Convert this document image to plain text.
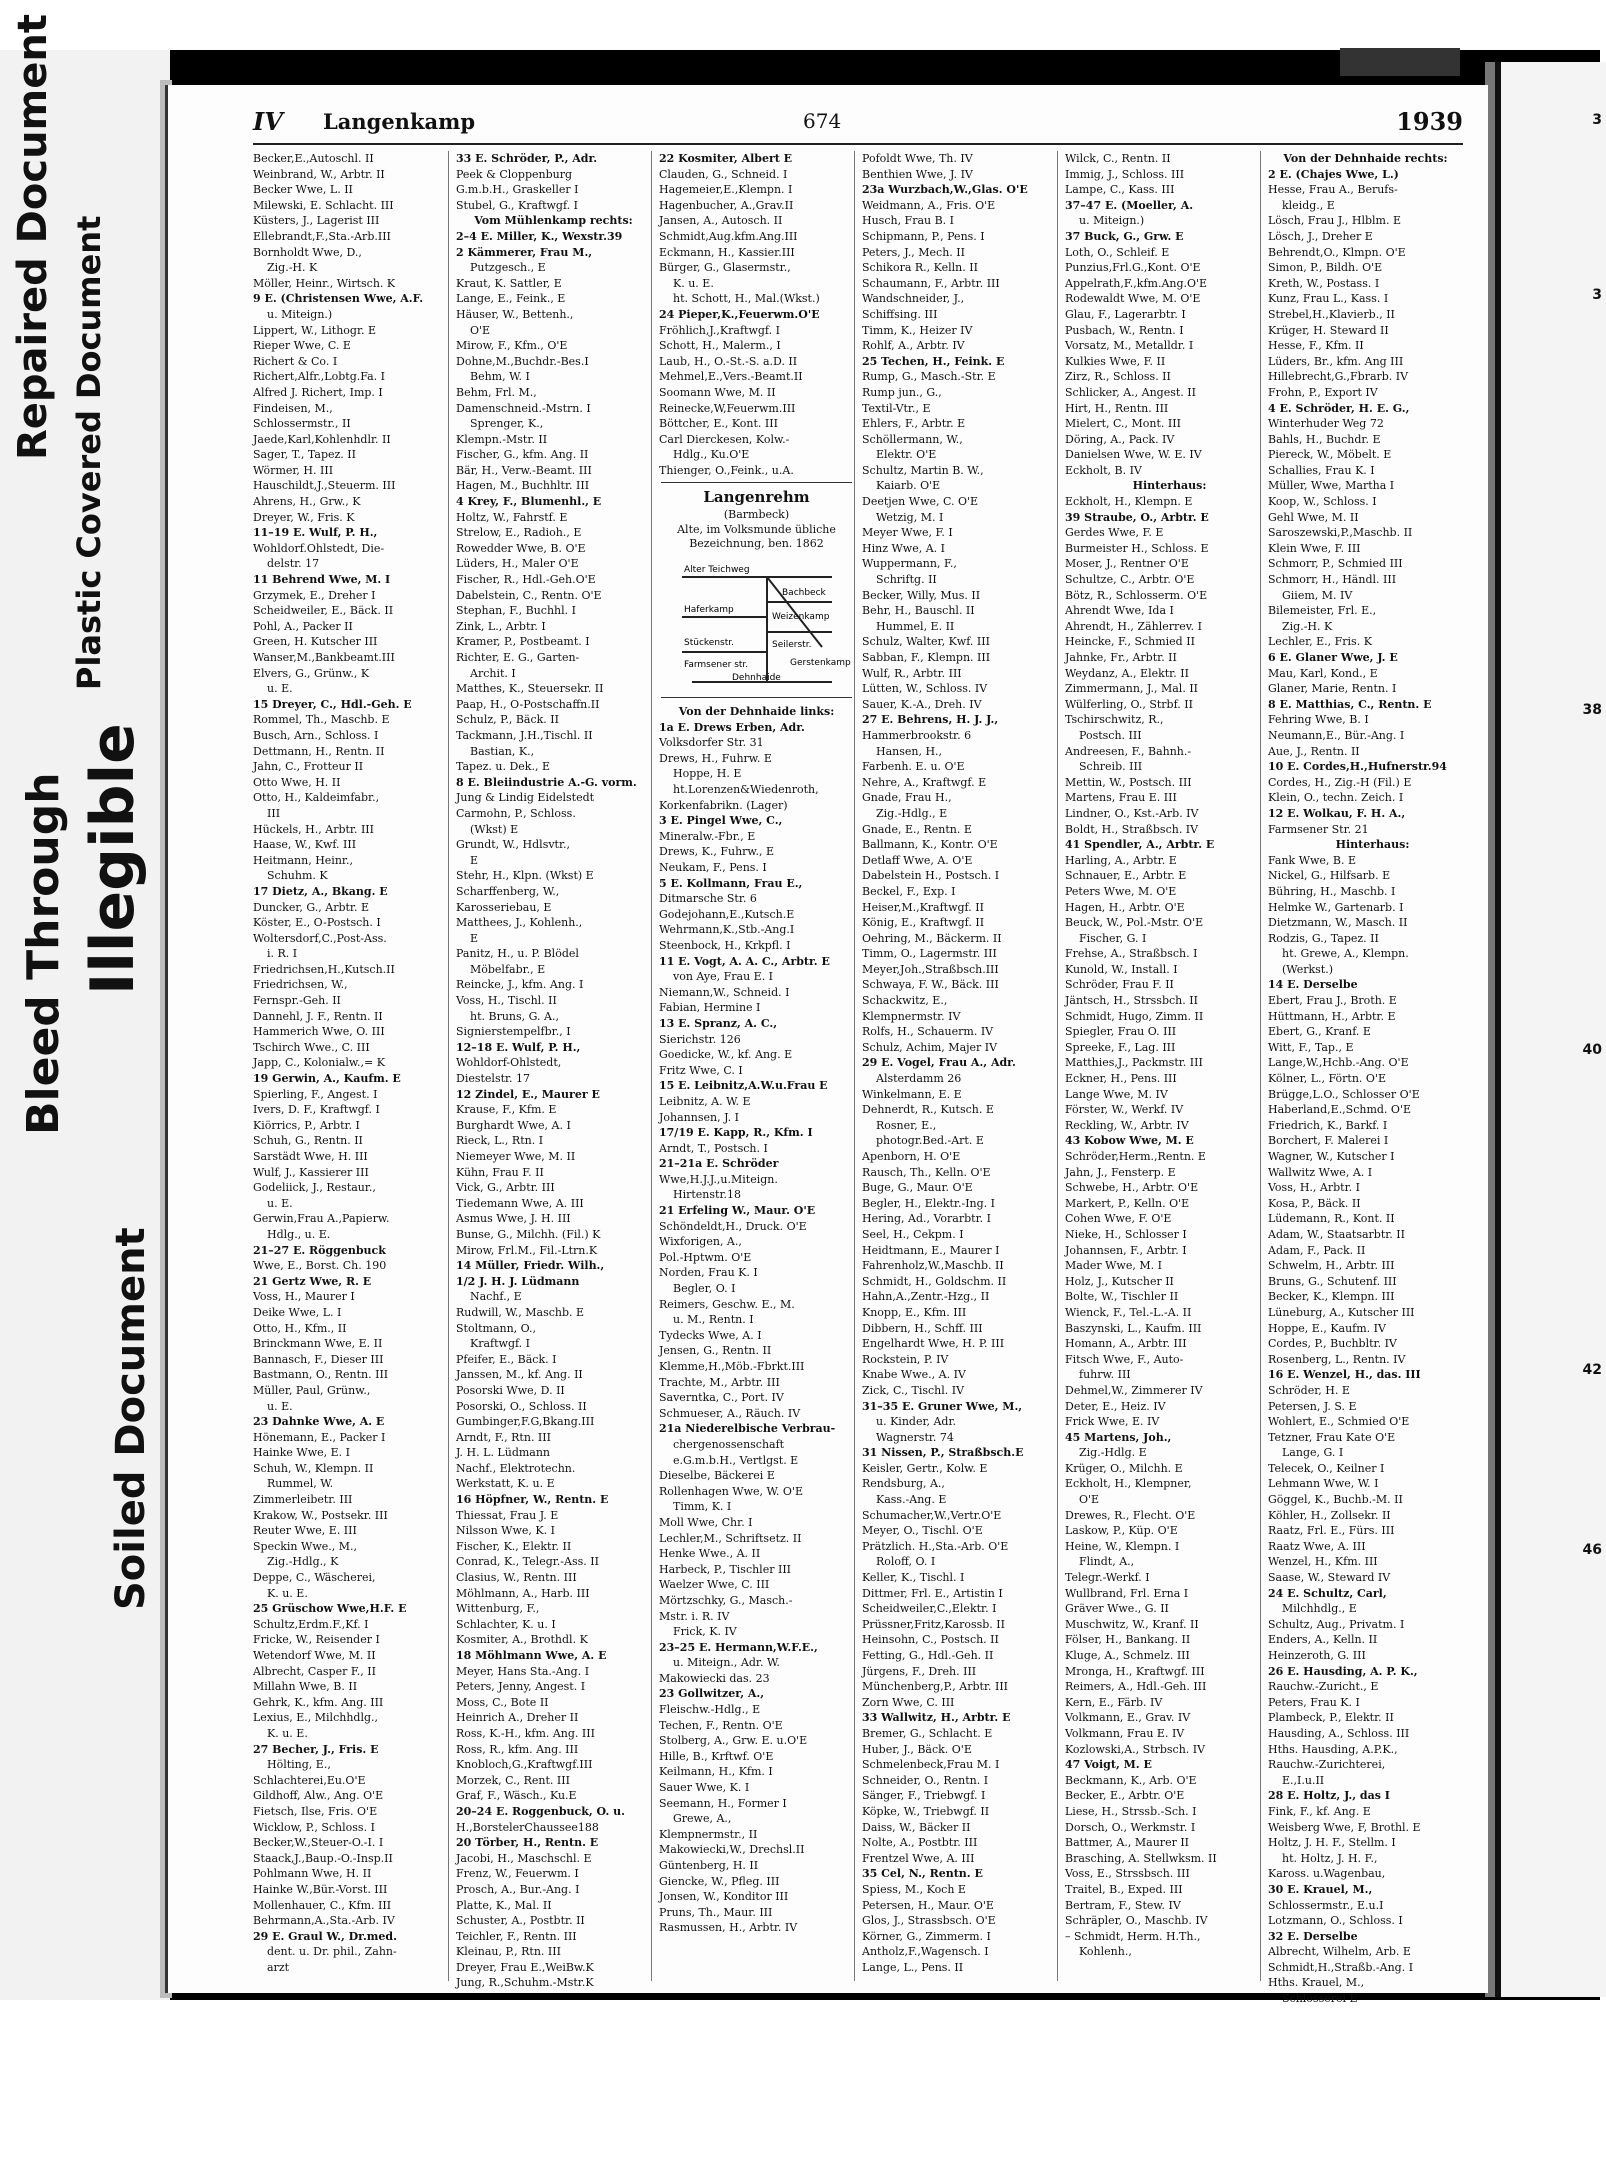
Bleed Through
Repaired Document Plastic Covered Document
Illegible
Soiled Document
3
3
38
40
42
46
IV Langenkamp	674	1939
Becker,E.,Autoschl. II
Weinbrand, W., Arbtr. II
Becker Wwe, L. II
Milewski, E. Schlacht. III
Küsters, J., Lagerist III
Ellebrandt,F.,Sta.-Arb.III
Bornholdt Wwe, D.,
Zig.-H. K
Möller, Heinr., Wirtsch. K
9 E. (Christensen Wwe, A.F.
u. Miteign.)
Lippert, W., Lithogr. E
Rieper Wwe, C. E
Richert & Co. I
Richert,Alfr.,Lobtg.Fa. I
Alfred J. Richert, Imp. I
Findeisen, M.,
Schlossermstr., II
Jaede,Karl,Kohlenhdlr. II
Sager, T., Tapez. II
Wörmer, H. III
Hauschildt,J.,Steuerm. III
Ahrens, H., Grw., K
Dreyer, W., Fris. K
11–19 E. Wulf, P. H.,
Wohldorf.Ohlstedt, Die-
delstr. 17
11 Behrend Wwe, M. I
Grzymek, E., Dreher I
Scheidweiler, E., Bäck. II
Pohl, A., Packer II
Green, H. Kutscher III
Wanser,M.,Bankbeamt.III
Elvers, G., Grünw., K
u. E.
15 Dreyer, C., Hdl.-Geh. E
Rommel, Th., Maschb. E
Busch, Arn., Schloss. I
Dettmann, H., Rentn. II
Jahn, C., Frotteur II
Otto Wwe, H. II
Otto, H., Kaldeimfabr.,
III
Hückels, H., Arbtr. III
Haase, W., Kwf. III
Heitmann, Heinr.,
Schuhm. K
17 Dietz, A., Bkang. E
Duncker, G., Arbtr. E
Köster, E., O-Postsch. I
Woltersdorf,C.,Post-Ass.
i. R. I
Friedrichsen,H.,Kutsch.II
Friedrichsen, W.,
Fernspr.-Geh. II
Dannehl, J. F., Rentn. II
Hammerich Wwe, O. III
Tschirch Wwe., C. III
Japp, C., Kolonialw.,= K
19 Gerwin, A., Kaufm. E
Spierling, F., Angest. I
Ivers, D. F., Kraftwgf. I
Kiörrics, P., Arbtr. I
Schuh, G., Rentn. II
Sarstädt Wwe, H. III
Wulf, J., Kassierer III
Godeliick, J., Restaur.,
u. E.
Gerwin,Frau A.,Papierw.
Hdlg., u. E.
21–27 E. Röggenbuck
Wwe, E., Borst. Ch. 190
21 Gertz Wwe, R. E
Voss, H., Maurer I
Deike Wwe, L. I
Otto, H., Kfm., II
Brinckmann Wwe, E. II
Bannasch, F., Dieser III
Bastmann, O., Rentn. III
Müller, Paul, Grünw.,
u. E.
23 Dahnke Wwe, A. E
Hönemann, E., Packer I
Hainke Wwe, E. I
Schuh, W., Klempn. II
Rummel, W.
Zimmerleibetr. III
Krakow, W., Postsekr. III
Reuter Wwe, E. III
Speckin Wwe., M.,
Zig.-Hdlg., K
Deppe, C., Wäscherei,
K. u. E.
25 Grüschow Wwe,H.F. E
Schultz,Erdm.F.,Kf. I
Fricke, W., Reisender I
Wetendorf Wwe, M. II
Albrecht, Casper F., II
Millahn Wwe, B. II
Gehrk, K., kfm. Ang. III
Lexius, E., Milchhdlg.,
K. u. E.
27 Becher, J., Fris. E
Hölting, E.,
Schlachterei,Eu.O'E
Gildhoff, Alw., Ang. O'E
Fietsch, Ilse, Fris. O'E
Wicklow, P., Schloss. I
Becker,W.,Steuer-O.-I. I
Staack,J.,Baup.-O.-Insp.II
Pohlmann Wwe, H. II
Hainke W.,Bür.-Vorst. III
Mollenhauer, C., Kfm. III
Behrmann,A.,Sta.-Arb. IV
29 E. Graul W., Dr.med.
dent. u. Dr. phil., Zahn-
arzt
33 E. Schröder, P., Adr.
Peek & Cloppenburg
G.m.b.H., Graskeller I
Stubel, G., Kraftwgf. I
Vom Mühlenkamp rechts:
2–4 E. Miller, K., Wexstr.39
2 Kämmerer, Frau M.,
Putzgesch., E
Kraut, K. Sattler, E
Lange, E., Feink., E
Häuser, W., Bettenh.,
O'E
Mirow, F., Kfm., O'E
Dohne,M.,Buchdr.-Bes.I
Behm, W. I
Behm, Frl. M.,
Damenschneid.-Mstrn. I
Sprenger, K.,
Klempn.-Mstr. II
Fischer, G., kfm. Ang. II
Bär, H., Verw.-Beamt. III
Hagen, M., Buchhltr. III
4 Krey, F., Blumenhl., E
Holtz, W., Fahrstf. E
Strelow, E., Radioh., E
Rowedder Wwe, B. O'E
Lüders, H., Maler O'E
Fischer, R., Hdl.-Geh.O'E
Dabelstein, C., Rentn. O'E
Stephan, F., Buchhl. I
Zink, L., Arbtr. I
Kramer, P., Postbeamt. I
Richter, E. G., Garten-
Archit. I
Matthes, K., Steuersekr. II
Paap, H., O-Postschaffn.II
Schulz, P., Bäck. II
Tackmann, J.H.,Tischl. II
Bastian, K.,
Tapez. u. Dek., E
8 E. Bleiindustrie A.-G. vorm.
Jung & Lindig Eidelstedt
Carmohn, P., Schloss.
(Wkst) E
Grundt, W., Hdlsvtr.,
E
Stehr, H., Klpn. (Wkst) E
Scharffenberg, W.,
Karosseriebau, E
Matthees, J., Kohlenh.,
E
Panitz, H., u. P. Blödel
Möbelfabr., E
Reincke, J., kfm. Ang. I
Voss, H., Tischl. II
ht. Bruns, G. A.,
Signierstempelfbr., I
12–18 E. Wulf, P. H.,
Wohldorf-Ohlstedt,
Diestelstr. 17
12 Zindel, E., Maurer E
Krause, F., Kfm. E
Burghardt Wwe, A. I
Rieck, L., Rtn. I
Niemeyer Wwe, M. II
Kühn, Frau F. II
Vick, G., Arbtr. III
Tiedemann Wwe, A. III
Asmus Wwe, J. H. III
Bunse, G., Milchh. (Fil.) K
Mirow, Frl.M., Fil.-Ltrn.K
14 Müller, Friedr. Wilh.,
1/2 J. H. J. Lüdmann
Nachf., E
Rudwill, W., Maschb. E
Stoltmann, O.,
Kraftwgf. I
Pfeifer, E., Bäck. I
Janssen, M., kf. Ang. II
Posorski Wwe, D. II
Posorski, O., Schloss. II
Gumbinger,F.G,Bkang.III
Arndt, F., Rtn. III
J. H. L. Lüdmann
Nachf., Elektrotechn.
Werkstatt, K. u. E
16 Höpfner, W., Rentn. E
Thiessat, Frau J. E
Nilsson Wwe, K. I
Fischer, K., Elektr. II
Conrad, K., Telegr.-Ass. II
Clasius, W., Rentn. III
Möhlmann, A., Harb. III
Wittenburg, F.,
Schlachter, K. u. I
Kosmiter, A., Brothdl. K
18 Möhlmann Wwe, A. E
Meyer, Hans Sta.-Ang. I
Peters, Jenny, Angest. I
Moss, C., Bote II
Heinrich A., Dreher II
Ross, K.-H., kfm. Ang. III
Ross, R., kfm. Ang. III
Knobloch,G.,Kraftwgf.III
Morzek, C., Rent. III
Graf, F., Wäsch., Ku.E
20–24 E. Roggenbuck, O. u.
H.,BorstelerChaussee188
20 Törber, H., Rentn. E
Jacobi, H., Maschschl. E
Frenz, W., Feuerwm. I
Prosch, A., Bur.-Ang. I
Platte, K., Mal. II
Schuster, A., Postbtr. II
Teichler, F., Rentn. III
Kleinau, P., Rtn. III
Dreyer, Frau E.,WeiBw.K
Jung, R.,Schuhm.-Mstr.K
22 Kosmiter, Albert E
Clauden, G., Schneid. I
Hagemeier,E.,Klempn. I
Hagenbucher, A.,Grav.II
Jansen, A., Autosch. II
Schmidt,Aug.kfm.Ang.III
Eckmann, H., Kassier.III
Bürger, G., Glasermstr.,
K. u. E.
ht. Schott, H., Mal.(Wkst.)
24 Pieper,K.,Feuerwm.O'E
Fröhlich,J.,Kraftwgf. I
Schott, H., Malerm., I
Laub, H., O.-St.-S. a.D. II
Mehmel,E.,Vers.-Beamt.II
Soomann Wwe, M. II
Reinecke,W,Feuerwm.III
Böttcher, E., Kont. III
Carl Dierckesen, Kolw.-
Hdlg., Ku.O'E
Thienger, O.,Feink., u.A.
Langenrehm
(Barmbeck)
Alte, im Volksmunde übliche Bezeichnung, ben. 1862
Alter Teichweg
Bachbeck
Haferkamp
Weizenkamp
Seilerstr.
Stückenstr.
Farmsener str.	Gerstenkamp
Dehnhaide
Von der Dehnhaide links:
1a E. Drews Erben, Adr.
Volksdorfer Str. 31
Drews, H., Fuhrw. E
Hoppe, H. E
ht.Lorenzen&Wiedenroth,
Korkenfabrikn. (Lager)
3 E. Pingel Wwe, C.,
Mineralw.-Fbr., E
Drews, K., Fuhrw., E
Neukam, F., Pens. I
5 E. Kollmann, Frau E.,
Ditmarsche Str. 6
Godejohann,E.,Kutsch.E
Wehrmann,K.,Stb.-Ang.I
Steenbock, H., Krkpfl. I
11 E. Vogt, A. A. C., Arbtr. E
von Aye, Frau E. I
Niemann,W., Schneid. I
Fabian, Hermine I
13 E. Spranz, A. C.,
Sierichstr. 126
Goedicke, W., kf. Ang. E
Fritz Wwe, C. I
15 E. Leibnitz,A.W.u.Frau E
Leibnitz, A. W. E
Johannsen, J. I
17/19 E. Kapp, R., Kfm. I
Arndt, T., Postsch. I
21–21a E. Schröder
Wwe,H.J.J.,u.Miteign.
Hirtenstr.18
21 Erfeling W., Maur. O'E
Schöndeldt,H., Druck. O'E
Wixforigen, A.,
Pol.-Hptwm. O'E
Norden, Frau K. I
Begler, O. I
Reimers, Geschw. E., M.
u. M., Rentn. I
Tydecks Wwe, A. I
Jensen, G., Rentn. II
Klemme,H.,Möb.-Fbrkt.III
Trachte, M., Arbtr. III
Saverntka, C., Port. IV
Schmueser, A., Räuch. IV
21a Niederelbische Verbrau-
chergenossenschaft
e.G.m.b.H., Vertlgst. E
Dieselbe, Bäckerei E
Rollenhagen Wwe, W. O'E
Timm, K. I
Moll Wwe, Chr. I
Lechler,M., Schriftsetz. II
Henke Wwe., A. II
Harbeck, P., Tischler III
Waelzer Wwe, C. III
Mörtzschky, G., Masch.-
Mstr. i. R. IV
Frick, K. IV
23–25 E. Hermann,W.F.E.,
u. Miteign., Adr. W.
Makowiecki das. 23
23 Gollwitzer, A.,
Fleischw.-Hdlg., E
Techen, F., Rentn. O'E
Stolberg, A., Grw. E. u.O'E
Hille, B., Krftwf. O'E
Keilmann, H., Kfm. I
Sauer Wwe, K. I
Seemann, H., Former I
Grewe, A.,
Klempnermstr., II
Makowiecki,W., Drechsl.II
Güntenberg, H. II
Giencke, W., Pfleg. III
Jonsen, W., Konditor III
Pruns, Th., Maur. III
Rasmussen, H., Arbtr. IV
Pofoldt Wwe, Th. IV
Benthien Wwe, J. IV
23a Wurzbach,W.,Glas. O'E
Weidmann, A., Fris. O'E
Husch, Frau B. I
Schipmann, P., Pens. I
Peters, J., Mech. II
Schikora R., Kelln. II
Schaumann, F., Arbtr. III
Wandschneider, J.,
Schiffsing. III
Timm, K., Heizer IV
Rohlf, A., Arbtr. IV
25 Techen, H., Feink. E
Rump, G., Masch.-Str. E
Rump jun., G.,
Textil-Vtr., E
Ehlers, F., Arbtr. E
Schöllermann, W.,
Elektr. O'E
Schultz, Martin B. W.,
Kaiarb. O'E
Deetjen Wwe, C. O'E
Wetzig, M. I
Meyer Wwe, F. I
Hinz Wwe, A. I
Wuppermann, F.,
Schriftg. II
Becker, Willy, Mus. II
Behr, H., Bauschl. II
Hummel, E. II
Schulz, Walter, Kwf. III
Sabban, F., Klempn. III
Wulf, R., Arbtr. III
Lütten, W., Schloss. IV
Sauer, K.-A., Dreh. IV
27 E. Behrens, H. J. J.,
Hammerbrookstr. 6
Hansen, H.,
Farbenh. E. u. O'E
Nehre, A., Kraftwgf. E
Gnade, Frau H.,
Zig.-Hdlg., E
Gnade, E., Rentn. E
Ballmann, K., Kontr. O'E
Detlaff Wwe, A. O'E
Dabelstein H., Postsch. I
Beckel, F., Exp. I
Heiser,M.,Kraftwgf. II
König, E., Kraftwgf. II
Oehring, M., Bäckerm. II
Timm, O., Lagermstr. III
Meyer,Joh.,Straßbsch.III
Schwaya, F. W., Bäck. III
Schackwitz, E.,
Klempnermstr. IV
Rolfs, H., Schauerm. IV
Schulz, Achim, Majer IV
29 E. Vogel, Frau A., Adr.
Alsterdamm 26
Winkelmann, E. E
Dehnerdt, R., Kutsch. E
Rosner, E.,
photogr.Bed.-Art. E
Apenborn, H. O'E
Rausch, Th., Kelln. O'E
Buge, G., Maur. O'E
Begler, H., Elektr.-Ing. I
Hering, Ad., Vorarbtr. I
Seel, H., Cekpm. I
Heidtmann, E., Maurer I
Fahrenholz,W.,Maschb. II
Schmidt, H., Goldschm. II
Hahn,A.,Zentr.-Hzg., II
Knopp, E., Kfm. III
Dibbern, H., Schff. III
Engelhardt Wwe, H. P. III
Rockstein, P. IV
Knabe Wwe., A. IV
Zick, C., Tischl. IV
31–35 E. Gruner Wwe, M.,
u. Kinder, Adr.
Wagnerstr. 74
31 Nissen, P., Straßbsch.E
Keisler, Gertr., Kolw. E
Rendsburg, A.,
Kass.-Ang. E
Schumacher,W.,Vertr.O'E
Meyer, O., Tischl. O'E
Prätzlich. H.,Sta.-Arb. O'E
Roloff, O. I
Keller, K., Tischl. I
Dittmer, Frl. E., Artistin I
Scheidweiler,C.,Elektr. I
Prüssner,Fritz,Karossb. II
Heinsohn, C., Postsch. II
Fetting, G., Hdl.-Geh. II
Jürgens, F., Dreh. III
Münchenberg,P., Arbtr. III
Zorn Wwe, C. III
33 Wallwitz, H., Arbtr. E
Bremer, G., Schlacht. E
Huber, J., Bäck. O'E
Schmelenbeck,Frau M. I
Schneider, O., Rentn. I
Sänger, F., Triebwgf. I
Köpke, W., Triebwgf. II
Daiss, W., Bäcker II
Nolte, A., Postbtr. III
Frentzel Wwe, A. III
35 Cel, N., Rentn. E
Spiess, M., Koch E
Petersen, H., Maur. O'E
Glos, J., Strassbsch. O'E
Körner, G., Zimmerm. I
Antholz,F.,Wagensch. I
Lange, L., Pens. II
Wilck, C., Rentn. II
Immig, J., Schloss. III
Lampe, C., Kass. III
37–47 E. (Moeller, A.
u. Miteign.)
37 Buck, G., Grw. E
Loth, O., Schleif. E
Punzius,Frl.G.,Kont. O'E
Appelrath,F.,kfm.Ang.O'E
Rodewaldt Wwe, M. O'E
Glau, F., Lagerarbtr. I
Pusbach, W., Rentn. I
Vorsatz, M., Metalldr. I
Kulkies Wwe, F. II
Zirz, R., Schloss. II
Schlicker, A., Angest. II
Hirt, H., Rentn. III
Mielert, C., Mont. III
Döring, A., Pack. IV
Danielsen Wwe, W. E. IV
Eckholt, B. IV
Hinterhaus:
Eckholt, H., Klempn. E
39 Straube, O., Arbtr. E
Gerdes Wwe, F. E
Burmeister H., Schloss. E
Moser, J., Rentner O'E
Schultze, C., Arbtr. O'E
Bötz, R., Schlosserm. O'E
Ahrendt Wwe, Ida I
Ahrendt, H., Zählerrev. I
Heincke, F., Schmied II
Jahnke, Fr., Arbtr. II
Weydanz, A., Elektr. II
Zimmermann, J., Mal. II
Wülferling, O., Strbf. II
Tschirschwitz, R.,
Postsch. III
Andreesen, F., Bahnh.-
Schreib. III
Mettin, W., Postsch. III
Martens, Frau E. III
Lindner, O., Kst.-Arb. IV
Boldt, H., Straßbsch. IV
41 Spendler, A., Arbtr. E
Harling, A., Arbtr. E
Schnauer, E., Arbtr. E
Peters Wwe, M. O'E
Hagen, H., Arbtr. O'E
Beuck, W., Pol.-Mstr. O'E
Fischer, G. I
Frehse, A., Straßbsch. I
Kunold, W., Install. I
Schröder, Frau F. II
Jäntsch, H., Strssbch. II
Schmidt, Hugo, Zimm. II
Spiegler, Frau O. III
Spreeke, F., Lag. III
Matthies,J., Packmstr. III
Eckner, H., Pens. III
Lange Wwe, M. IV
Förster, W., Werkf. IV
Reckling, W., Arbtr. IV
43 Kobow Wwe, M. E
Schröder,Herm.,Rentn. E
Jahn, J., Fensterp. E
Schwebe, H., Arbtr. O'E
Markert, P., Kelln. O'E
Cohen Wwe, F. O'E
Nieke, H., Schlosser I
Johannsen, F., Arbtr. I
Mader Wwe, M. I
Holz, J., Kutscher II
Bolte, W., Tischler II
Wienck, F., Tel.-L.-A. II
Baszynski, L., Kaufm. III
Homann, A., Arbtr. III
Fitsch Wwe, F., Auto-
fuhrw. III
Dehmel,W., Zimmerer IV
Deter, E., Heiz. IV
Frick Wwe, E. IV
45 Martens, Joh.,
Zig.-Hdlg. E
Krüger, O., Milchh. E
Eckholt, H., Klempner,
O'E
Drewes, R., Flecht. O'E
Laskow, P., Küp. O'E
Heine, W., Klempn. I
Flindt, A.,
Telegr.-Werkf. I
Wullbrand, Frl. Erna I
Gräver Wwe., G. II
Muschwitz, W., Kranf. II
Fölser, H., Bankang. II
Kluge, A., Schmelz. III
Mronga, H., Kraftwgf. III
Reimers, A., Hdl.-Geh. III
Kern, E., Färb. IV
Volkmann, E., Grav. IV
Volkmann, Frau E. IV
Kozlowski,A., Strbsch. IV
47 Voigt, M. E
Beckmann, K., Arb. O'E
Becker, E., Arbtr. O'E
Liese, H., Strssb.-Sch. I
Dorsch, O., Werkmstr. I
Battmer, A., Maurer II
Brasching, A. Stellwksm. II
Voss, E., Strssbsch. III
Traitel, B., Exped. III
Bertram, F., Stew. IV
Schräpler, O., Maschb. IV
– Schmidt, Herm. H.Th.,
Kohlenh.,
Von der Dehnhaide rechts:
2 E. (Chajes Wwe, L.)
Hesse, Frau A., Berufs-
kleidg., E
Lösch, Frau J., Hlblm. E
Lösch, J., Dreher E
Behrendt,O., Klmpn. O'E
Simon, P., Bildh. O'E
Kreth, W., Postass. I
Kunz, Frau L., Kass. I
Strebel,H.,Klavierb., II
Krüger, H. Steward II
Hesse, F., Kfm. II
Lüders, Br., kfm. Ang III
Hillebrecht,G.,Fbrarb. IV
Frohn, P., Export IV
4 E. Schröder, H. E. G.,
Winterhuder Weg 72
Bahls, H., Buchdr. E
Piereck, W., Möbelt. E
Schallies, Frau K. I
Müller, Wwe, Martha I
Koop, W., Schloss. I
Gehl Wwe, M. II
Saroszewski,P.,Maschb. II
Klein Wwe, F. III
Schmorr, P., Schmied III
Schmorr, H., Händl. III
Giiem, M. IV
Bilemeister, Frl. E.,
Zig.-H. K
Lechler, E., Fris. K
6 E. Glaner Wwe, J. E
Mau, Karl, Kond., E
Glaner, Marie, Rentn. I
8 E. Matthias, C., Rentn. E
Fehring Wwe, B. I
Neumann,E., Bür.-Ang. I
Aue, J., Rentn. II
10 E. Cordes,H.,Hufnerstr.94
Cordes, H., Zig.-H (Fil.) E
Klein, O., techn. Zeich. I
12 E. Wolkau, F. H. A.,
Farmsener Str. 21
Hinterhaus:
Fank Wwe, B. E
Nickel, G., Hilfsarb. E
Bühring, H., Maschb. I
Helmke W., Gartenarb. I
Dietzmann, W., Masch. II
Rodzis, G., Tapez. II
ht. Grewe, A., Klempn.
(Werkst.)
14 E. Derselbe
Ebert, Frau J., Broth. E
Hüttmann, H., Arbtr. E
Ebert, G., Kranf. E
Witt, F., Tap., E
Lange,W.,Hchb.-Ang. O'E
Kölner, L., Förtn. O'E
Brügge,L.O., Schlosser O'E
Haberland,E.,Schmd. O'E
Friedrich, K., Barkf. I
Borchert, F. Malerei I
Wagner, W., Kutscher I
Wallwitz Wwe, A. I
Voss, H., Arbtr. I
Kosa, P., Bäck. II
Lüdemann, R., Kont. II
Adam, W., Staatsarbtr. II
Adam, F., Pack. II
Schwelm, H., Arbtr. III
Bruns, G., Schutenf. III
Becker, K., Klempn. III
Lüneburg, A., Kutscher III
Hoppe, E., Kaufm. IV
Cordes, P., Buchbltr. IV
Rosenberg, L., Rentn. IV
16 E. Wenzel, H., das. III
Schröder, H. E
Petersen, J. S. E
Wohlert, E., Schmied O'E
Tetzner, Frau Kate O'E
Lange, G. I
Telecek, O., Keilner I
Lehmann Wwe, W. I
Göggel, K., Buchb.-M. II
Köhler, H., Zollsekr. II
Raatz, Frl. E., Fürs. III
Raatz Wwe, A. III
Wenzel, H., Kfm. III
Saase, W., Steward IV
24 E. Schultz, Carl,
Milchhdlg., E
Schultz, Aug., Privatm. I
Enders, A., Kelln. II
Heinzeroth, G. III
26 E. Hausding, A. P. K.,
Rauchw.-Zuricht., E
Peters, Frau K. I
Plambeck, P., Elektr. II
Hausding, A., Schloss. III
Hths. Hausding, A.P.K.,
Rauchw.-Zurichterei,
E.,I.u.II
28 E. Holtz, J., das I
Fink, F., kf. Ang. E
Weisberg Wwe, F, Brothl. E
Holtz, J. H. F., Stellm. I
ht. Holtz, J. H. F.,
Kaross. u.Wagenbau,
30 E. Krauel, M.,
Schlossermstr., E.u.I
Lotzmann, O., Schloss. I
32 E. Derselbe
Albrecht, Wilhelm, Arb. E
Schmidt,H.,Straßb.-Ang. I
Hths. Krauel, M.,
Schlosserei E
